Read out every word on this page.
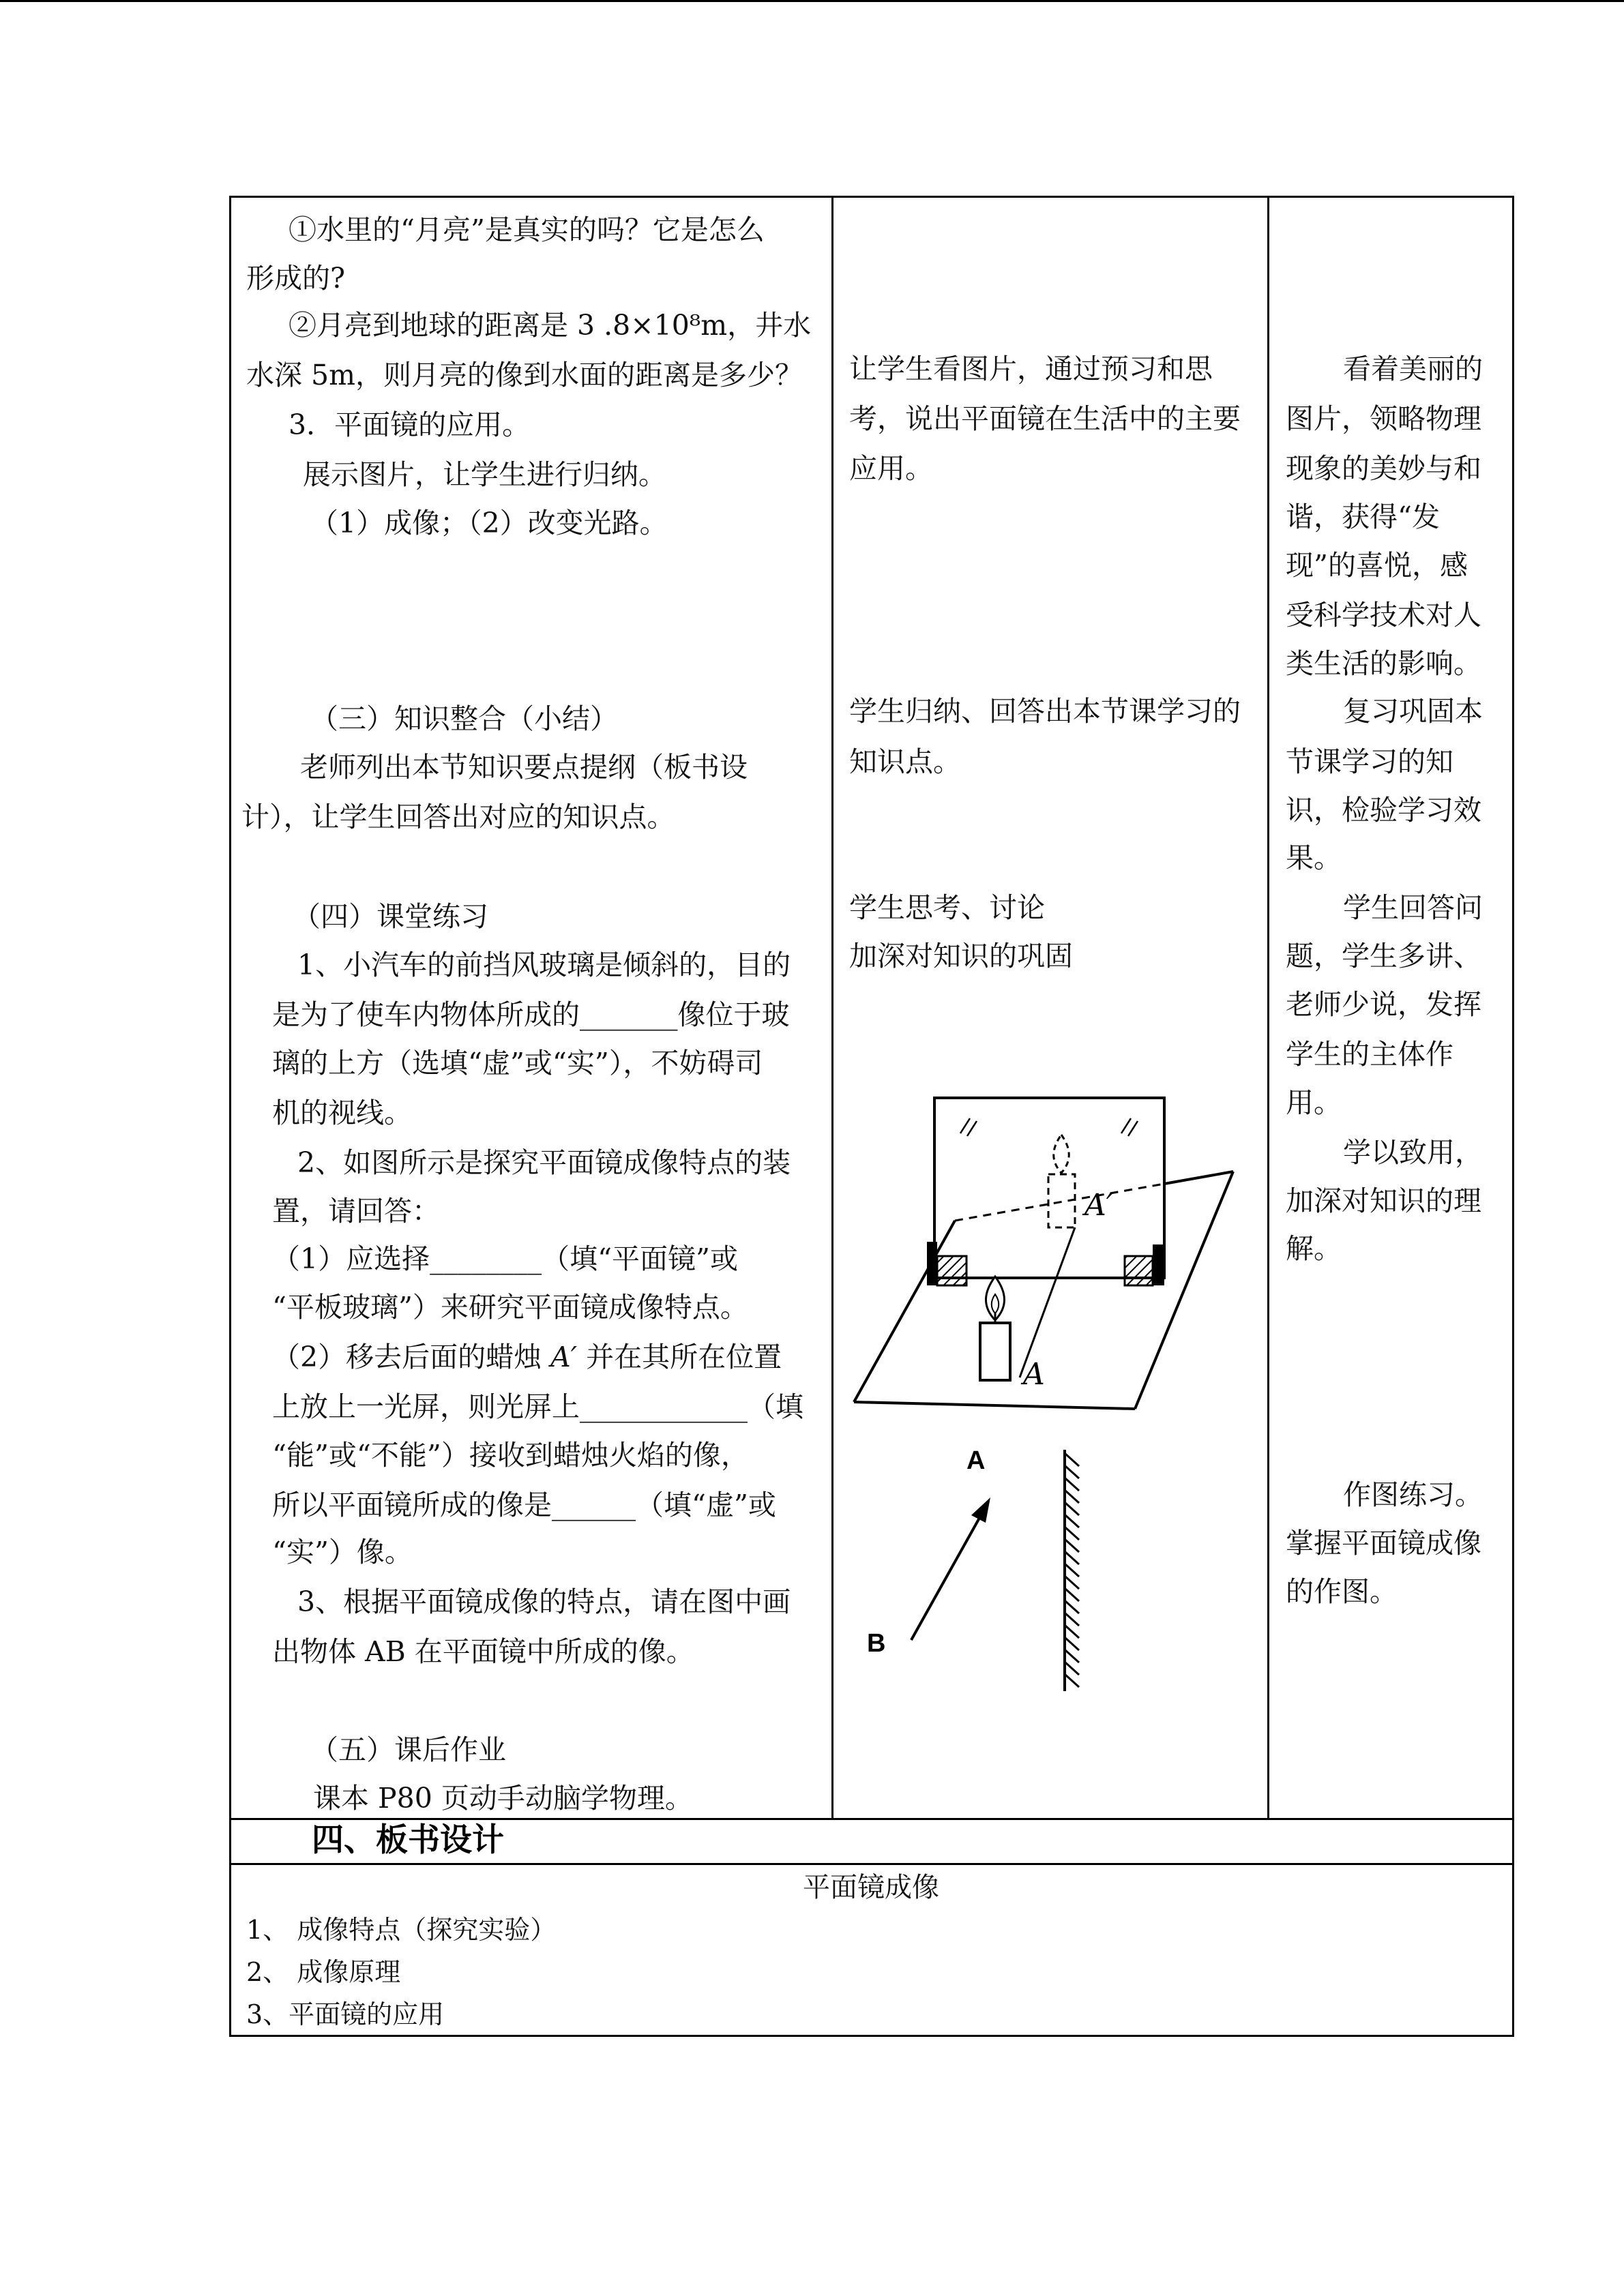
①水里的“月亮”是真实的吗？它是怎么
形成的?
②月亮到地球的距离是 3 .8×10⁸m，井水
水深 5m，则月亮的像到水面的距离是多少？
3．平面镜的应用。
展示图片，让学生进行归纳。
（1）成像；（2）改变光路。
（三）知识整合（小结）
老师列出本节知识要点提纲（板书设
计），让学生回答出对应的知识点。
（四）课堂练习
1、小汽车的前挡风玻璃是倾斜的，目的
是为了使车内物体所成的_______像位于玻
璃的上方（选填“虚”或“实”），不妨碍司
机的视线。
2、如图所示是探究平面镜成像特点的装
置，请回答：
（1）应选择________（填“平面镜”或
“平板玻璃”）来研究平面镜成像特点。
（2）移去后面的蜡烛 A′ 并在其所在位置
上放上一光屏，则光屏上____________（填
“能”或“不能”）接收到蜡烛火焰的像，
所以平面镜所成的像是______（填“虚”或
“实”）像。
3、根据平面镜成像的特点，请在图中画
出物体 AB 在平面镜中所成的像。
（五）课后作业
课本 P80 页动手动脑学物理。
让学生看图片，通过预习和思
考，说出平面镜在生活中的主要
应用。
学生归纳、回答出本节课学习的
知识点。
学生思考、讨论
加深对知识的巩固
A
A′
A
B
看着美丽的
图片，领略物理
现象的美妙与和
谐，获得“发
现”的喜悦，感
受科学技术对人
类生活的影响。
复习巩固本
节课学习的知
识，检验学习效
果。
学生回答问
题，学生多讲、
老师少说，发挥
学生的主体作
用。
学以致用，
加深对知识的理
解。
作图练习。
掌握平面镜成像
的作图。
四、板书设计
平面镜成像
1、 成像特点（探究实验）
2、 成像原理
3、平面镜的应用
